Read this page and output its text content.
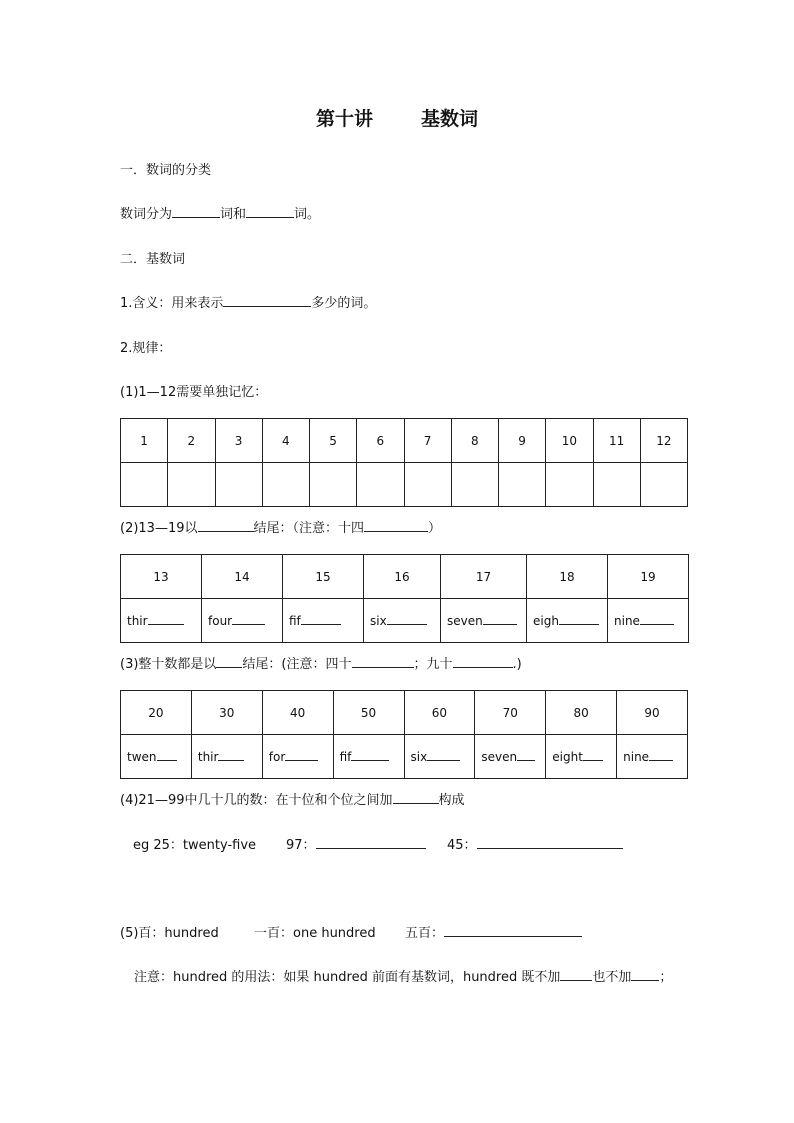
第十讲	基数词
一．数词的分类
数词分为	词和	词。
二．基数词
1.含义：用来表示	多少的词。
2.规律：
(1)1—12需要单独记忆：
1	2	3	4	5	6	7	8	9	10	11	12

(2)13—19以	结尾：（注意：十四	）
13	14	15	16	17	18	19
thir	four	fif	six	seven	eigh	nine
(3)整十数都是以 结尾：(注意：四十	；九十	.)
20	30	40	50	60	70	80	90
twen	thir	for	fif	six	seven	eight	nine
(4)21—99中几十几的数：在十位和个位之间加	构成
eg 25：twenty-five 97：	45：
(5)百：hundred	一百：one hundred 五百：
注意：hundred 的用法：如果 hundred 前面有基数词，hundred 既不加 也不加 ；
